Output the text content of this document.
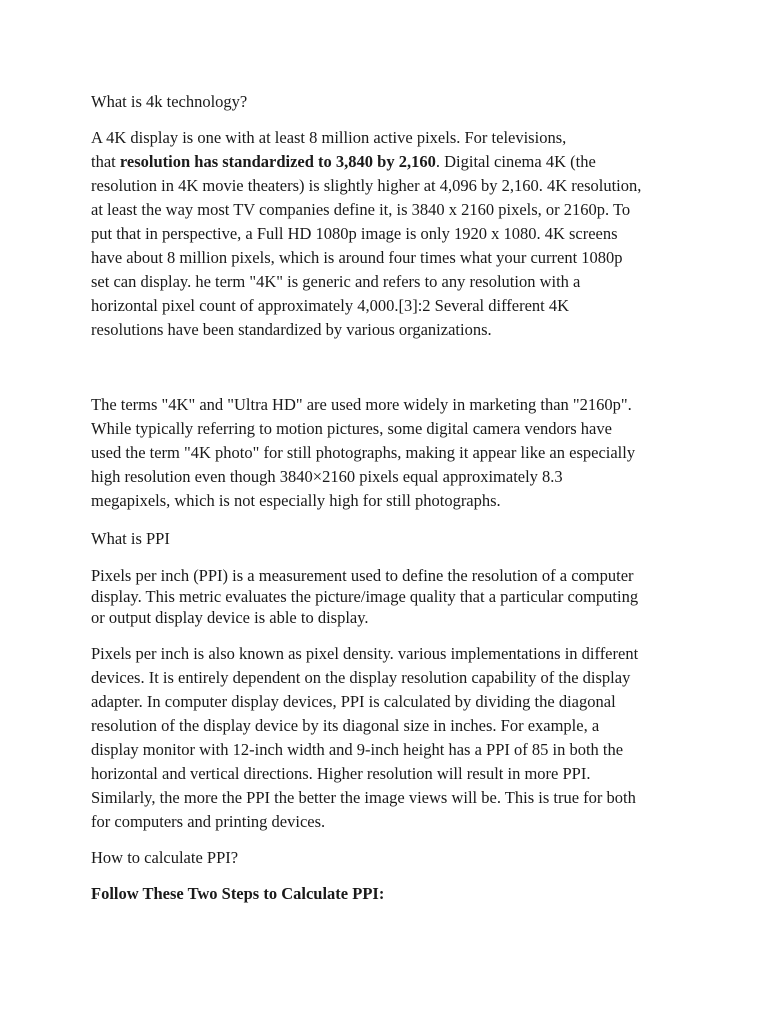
What is 4k technology?

A 4K display is one with at least 8 million active pixels. For televisions,
that resolution has standardized to 3,840 by 2,160. Digital cinema 4K (the
resolution in 4K movie theaters) is slightly higher at 4,096 by 2,160. 4K resolution,
at least the way most TV companies define it, is 3840 x 2160 pixels, or 2160p. To
put that in perspective, a Full HD 1080p image is only 1920 x 1080. 4K screens
have about 8 million pixels, which is around four times what your current 1080p
set can display. he term "4K" is generic and refers to any resolution with a
horizontal pixel count of approximately 4,000.[3]:2 Several different 4K
resolutions have been standardized by various organizations.

The terms "4K" and "Ultra HD" are used more widely in marketing than "2160p".
While typically referring to motion pictures, some digital camera vendors have
used the term "4K photo" for still photographs, making it appear like an especially
high resolution even though 3840×2160 pixels equal approximately 8.3
megapixels, which is not especially high for still photographs.

What is PPI

Pixels per inch (PPI) is a measurement used to define the resolution of a computer
display. This metric evaluates the picture/image quality that a particular computing
or output display device is able to display.

Pixels per inch is also known as pixel density. various implementations in different
devices. It is entirely dependent on the display resolution capability of the display
adapter. In computer display devices, PPI is calculated by dividing the diagonal
resolution of the display device by its diagonal size in inches. For example, a
display monitor with 12-inch width and 9-inch height has a PPI of 85 in both the
horizontal and vertical directions. Higher resolution will result in more PPI.
Similarly, the more the PPI the better the image views will be. This is true for both
for computers and printing devices.

How to calculate PPI?

Follow These Two Steps to Calculate PPI:
